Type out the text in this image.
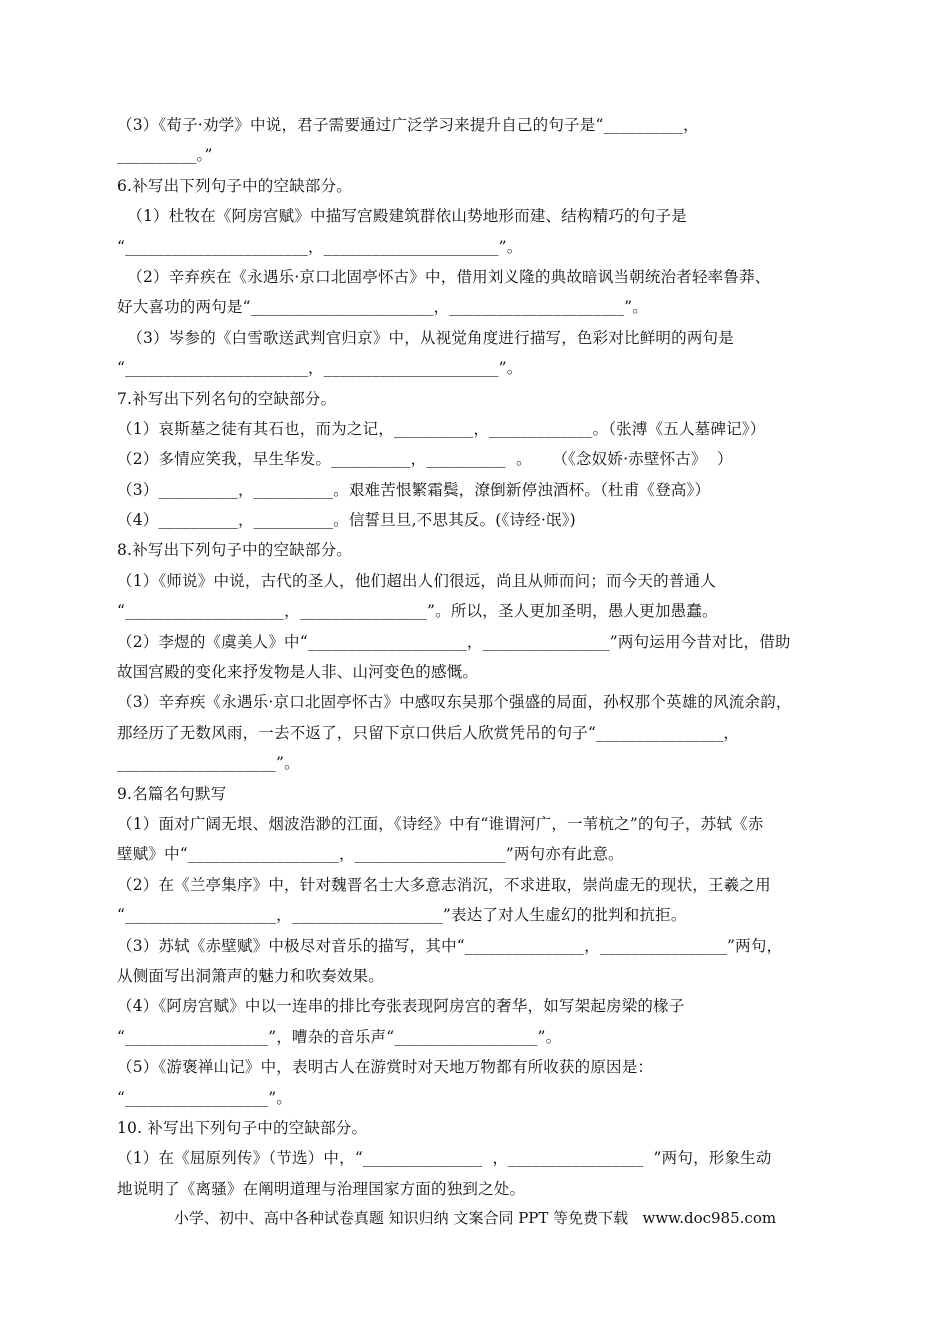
（3）《荀子·劝学》中说，君子需要通过广泛学习来提升自己的句子是“__________，
__________。”
6.补写出下列句子中的空缺部分。
（1）杜牧在《阿房宫赋》中描写宫殿建筑群依山势地形而建、结构精巧的句子是
“_______________________，______________________”。
（2）辛弃疾在《永遇乐·京口北固亭怀古》中，借用刘义隆的典故暗讽当朝统治者轻率鲁莽、
好大喜功的两句是“_______________________，______________________”。
（3）岑参的《白雪歌送武判官归京》中，从视觉角度进行描写，色彩对比鲜明的两句是
“_______________________，______________________”。
7.补写出下列名句的空缺部分。
（1）哀斯墓之徒有其石也，而为之记，__________，_____________。（张溥《五人墓碑记》）
（2）多情应笑我，早生华发。__________，__________  。    （《念奴娇·赤壁怀古》  ）
（3）__________，__________。艰难苦恨繁霜鬓，潦倒新停浊酒杯。（杜甫《登高》）
（4）__________，__________。信誓旦旦,不思其反。(《诗经·氓》)
8.补写出下列句子中的空缺部分。
（1）《师说》中说，古代的圣人，他们超出人们很远，尚且从师而问；而今天的普通人
“____________________，________________”。所以，圣人更加圣明，愚人更加愚蠢。
（2）李煜的《虞美人》中“____________________，________________”两句运用今昔对比，借助
故国宫殿的变化来抒发物是人非、山河变色的感慨。
（3）辛弃疾《永遇乐·京口北固亭怀古》中感叹东吴那个强盛的局面，孙权那个英雄的风流余韵，
那经历了无数风雨，一去不返了，只留下京口供后人欣赏凭吊的句子“________________，
____________________”。
9.名篇名句默写
（1）面对广阔无垠、烟波浩渺的江面，《诗经》中有“谁谓河广，一苇杭之”的句子，苏轼《赤
壁赋》中“___________________，___________________”两句亦有此意。
（2）在《兰亭集序》中，针对魏晋名士大多意志消沉，不求进取，崇尚虚无的现状，王羲之用
“___________________，___________________”表达了对人生虚幻的批判和抗拒。
（3）苏轼《赤壁赋》中极尽对音乐的描写，其中“_______________，________________”两句，
从侧面写出洞箫声的魅力和吹奏效果。
（4）《阿房宫赋》中以一连串的排比夸张表现阿房宫的奢华，如写架起房梁的椽子
“__________________”，嘈杂的音乐声“__________________”。
（5）《游褒禅山记》中，表明古人在游赏时对天地万物都有所收获的原因是：
“__________________”。
10. 补写出下列句子中的空缺部分。
（1）在《屈原列传》（节选）中，“_______________  ，_________________  ”两句，形象生动
地说明了《离骚》在阐明道理与治理国家方面的独到之处。
小学、初中、高中各种试卷真题 知识归纳 文案合同 PPT 等免费下载   www.doc985.com
